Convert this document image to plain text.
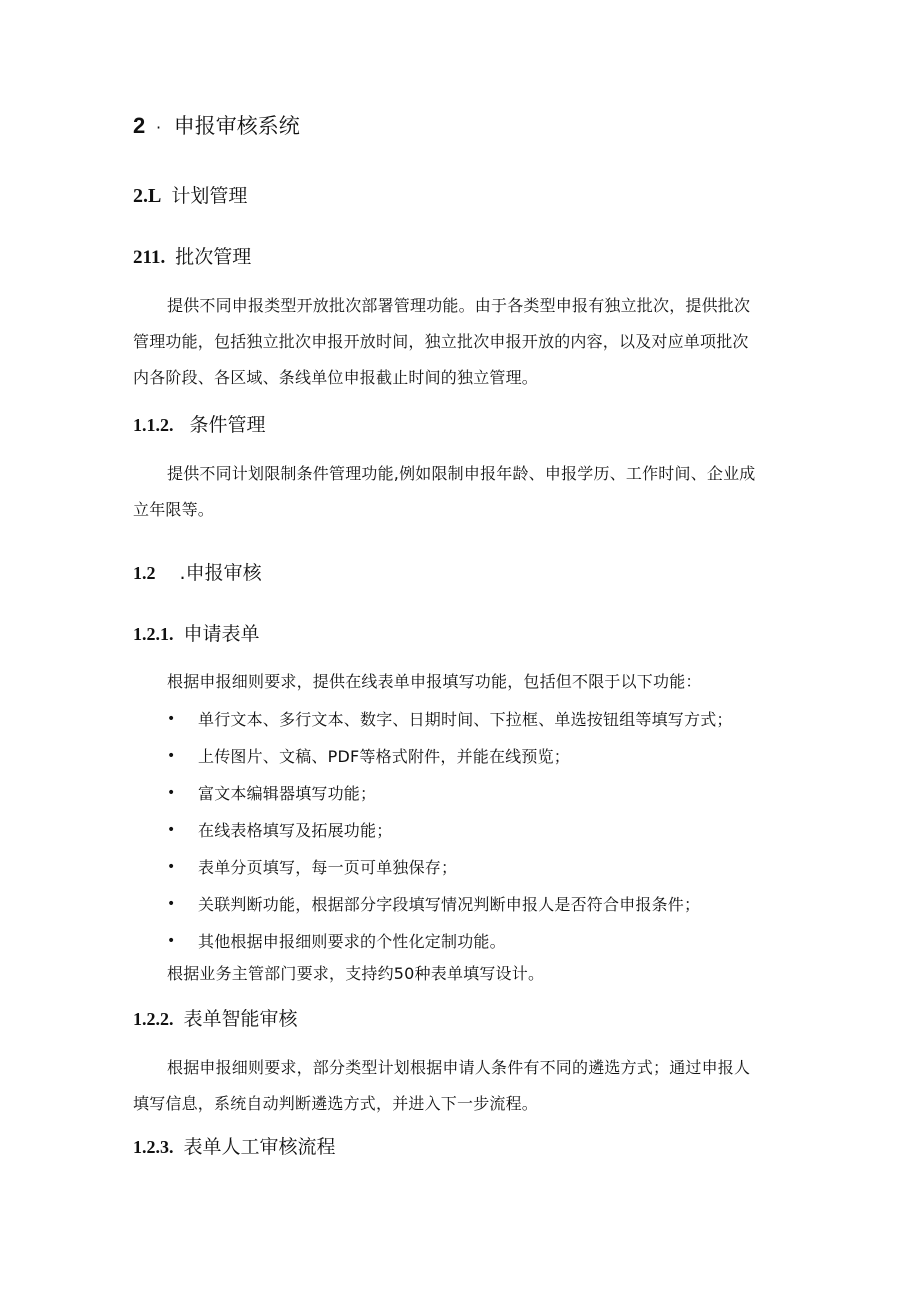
2 · 申报审核系统
2.L 计划管理
211. 批次管理
提供不同申报类型开放批次部署管理功能。由于各类型申报有独立批次，提供批次
管理功能，包括独立批次申报开放时间，独立批次申报开放的内容，以及对应单项批次
内各阶段、各区域、条线单位申报截止时间的独立管理。
1.1.2. 条件管理
提供不同计划限制条件管理功能,例如限制申报年龄、申报学历、工作时间、企业成
立年限等。
1.2 .申报审核
1.2.1. 申请表单
根据申报细则要求，提供在线表单申报填写功能，包括但不限于以下功能：
• 单行文本、多行文本、数字、日期时间、下拉框、单选按钮组等填写方式；
• 上传图片、文稿、PDF等格式附件，并能在线预览；
• 富文本编辑器填写功能；
• 在线表格填写及拓展功能；
• 表单分页填写，每一页可单独保存；
• 关联判断功能，根据部分字段填写情况判断申报人是否符合申报条件；
• 其他根据申报细则要求的个性化定制功能。
根据业务主管部门要求，支持约50种表单填写设计。
1.2.2. 表单智能审核
根据申报细则要求，部分类型计划根据申请人条件有不同的遴选方式；通过申报人
填写信息，系统自动判断遴选方式，并进入下一步流程。
1.2.3. 表单人工审核流程
